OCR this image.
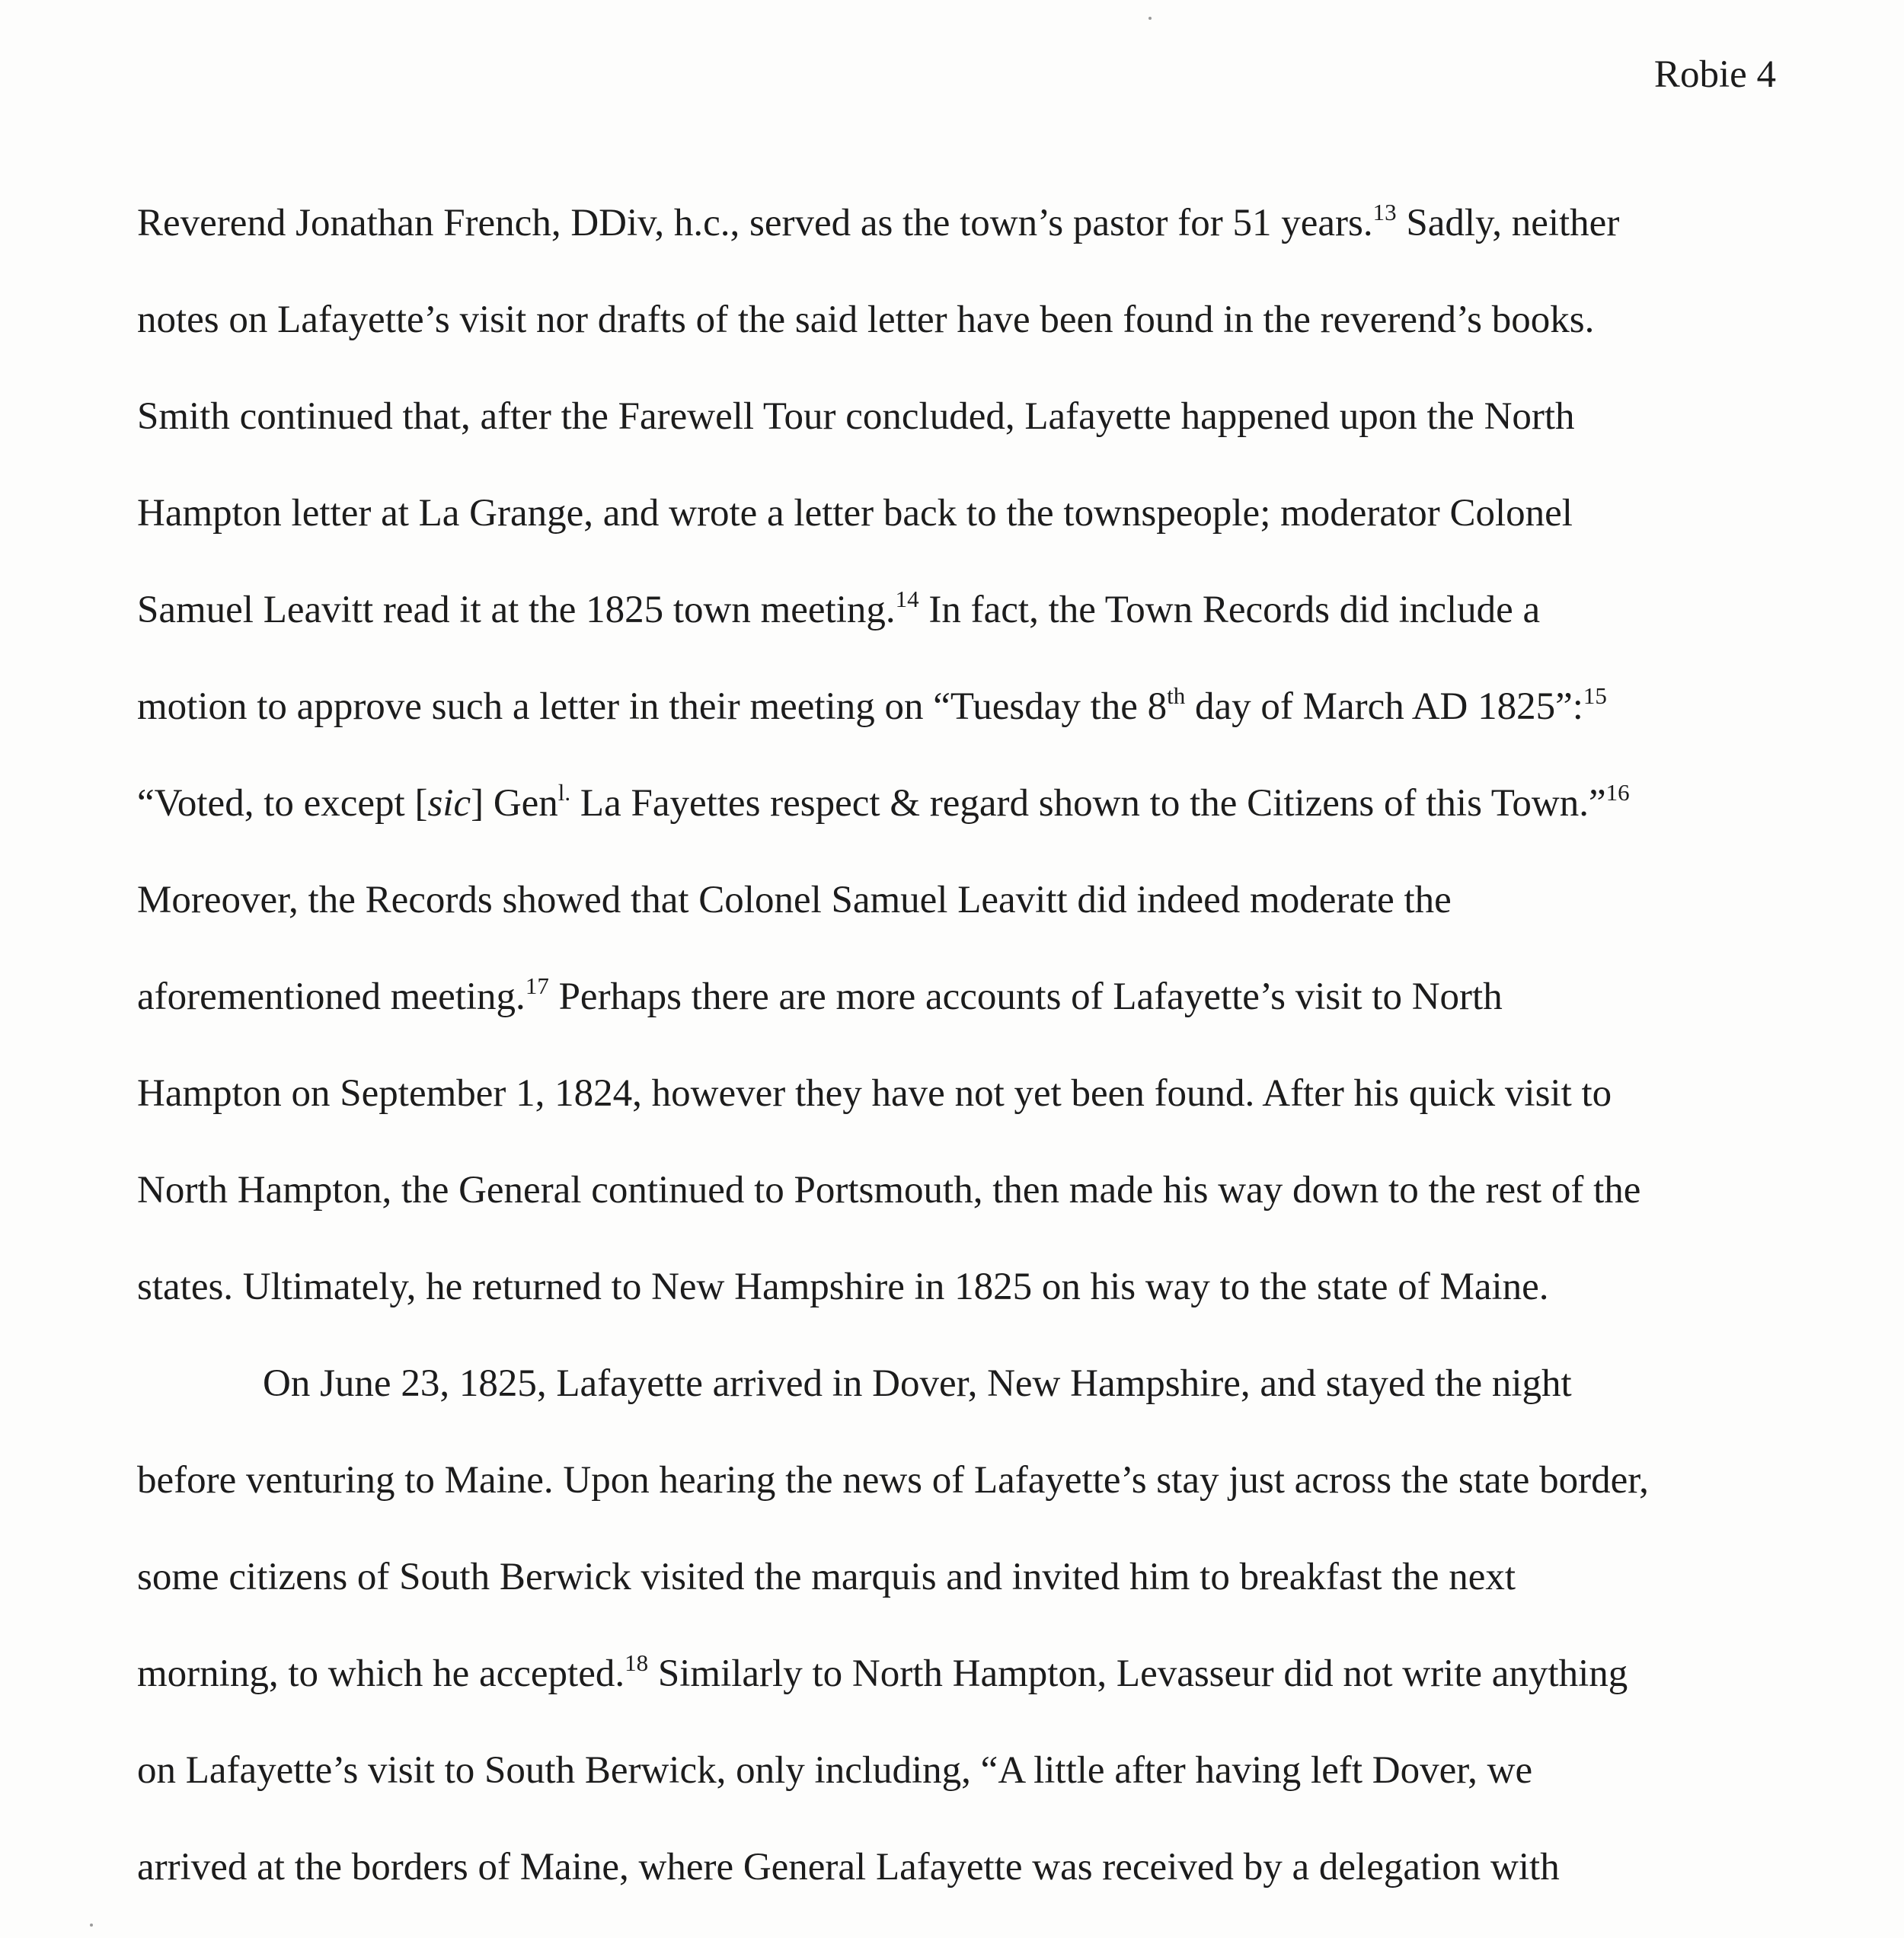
Robie 4
Reverend Jonathan French, DDiv, h.c., served as the town’s pastor for 51 years.$^{13}$ Sadly, neither
notes on Lafayette’s visit nor drafts of the said letter have been found in the reverend’s books.
Smith continued that, after the Farewell Tour concluded, Lafayette happened upon the North
Hampton letter at La Grange, and wrote a letter back to the townspeople; moderator Colonel
Samuel Leavitt read it at the 1825 town meeting.$^{14}$ In fact, the Town Records did include a
motion to approve such a letter in their meeting on “Tuesday the 8th day of March AD 1825”:$^{15}$
“Voted, to except [sic] Gen$^{l.}$ La Fayettes respect & regard shown to the Citizens of this Town.”$^{16}$
Moreover, the Records showed that Colonel Samuel Leavitt did indeed moderate the
aforementioned meeting.$^{17}$ Perhaps there are more accounts of Lafayette’s visit to North
Hampton on September 1, 1824, however they have not yet been found. After his quick visit to
North Hampton, the General continued to Portsmouth, then made his way down to the rest of the
states. Ultimately, he returned to New Hampshire in 1825 on his way to the state of Maine.
On June 23, 1825, Lafayette arrived in Dover, New Hampshire, and stayed the night
before venturing to Maine. Upon hearing the news of Lafayette’s stay just across the state border,
some citizens of South Berwick visited the marquis and invited him to breakfast the next
morning, to which he accepted.$^{18}$ Similarly to North Hampton, Levasseur did not write anything
on Lafayette’s visit to South Berwick, only including, “A little after having left Dover, we
arrived at the borders of Maine, where General Lafayette was received by a delegation with
